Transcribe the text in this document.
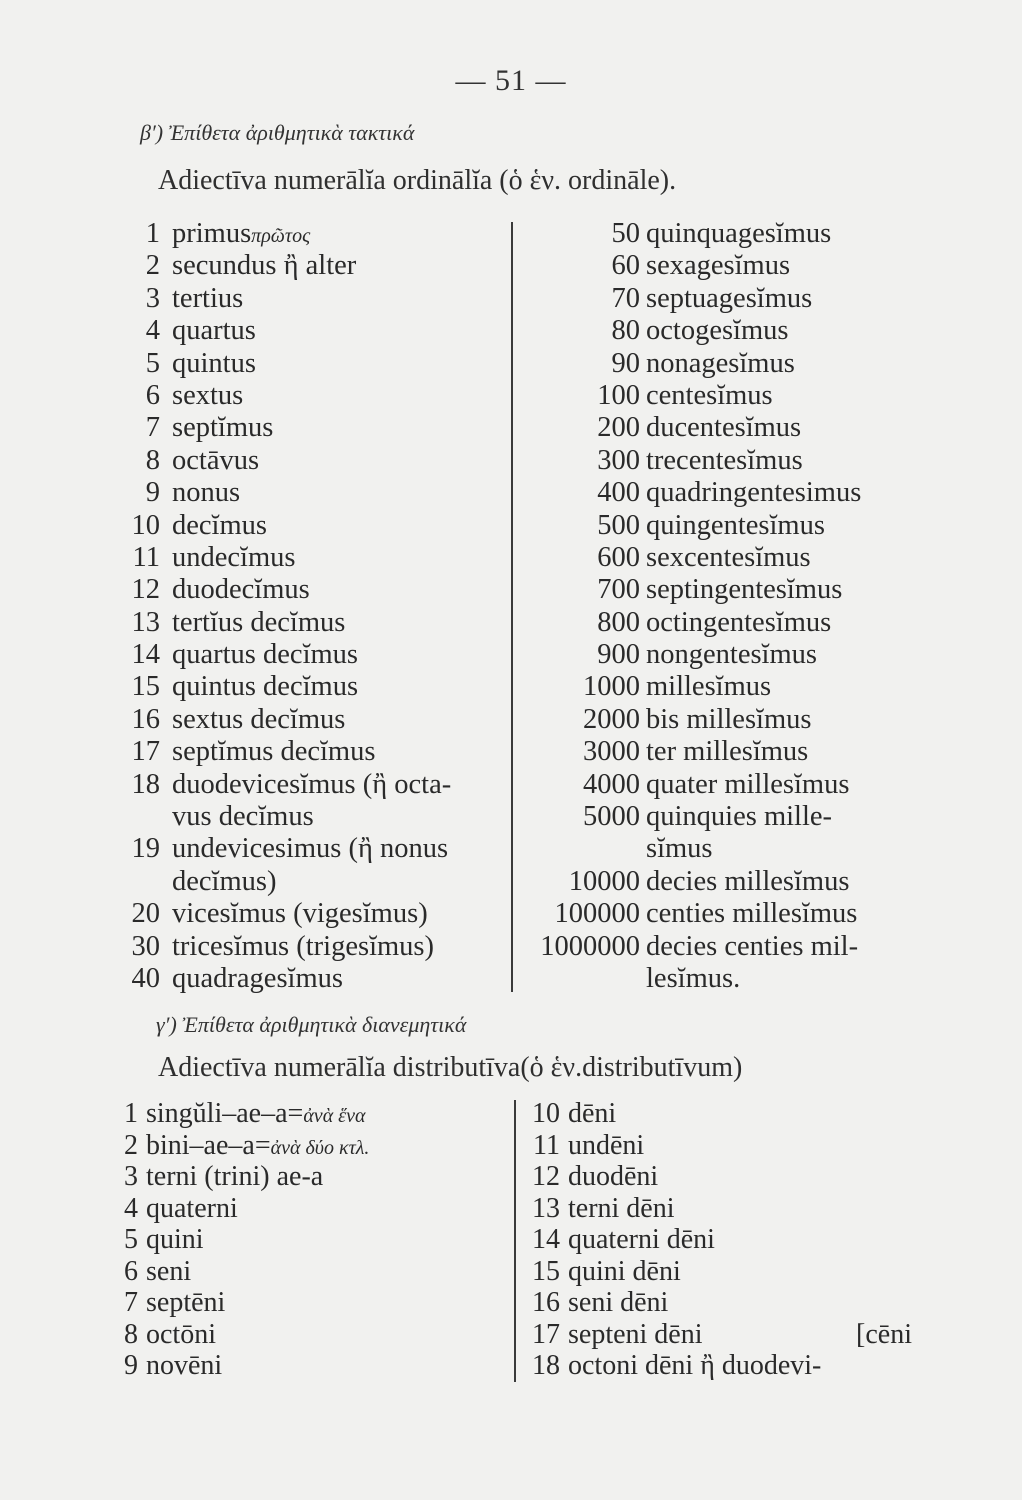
— 51 —
β′) Ἐπίθετα ἀριθμητικὰ τακτικά
Adiectīva numerālĭa ordinālĭa (ὁ ἑν. ordināle).
1 primus πρῶτος
2 secundus ἢ alter
3 tertius
4 quartus
5 quintus
6 sextus
7 septĭmus
8 octāvus
9 nonus
10 decĭmus
11 undecĭmus
12 duodecĭmus
13 tertĭus decĭmus
14 quartus decĭmus
15 quintus decĭmus
16 sextus decĭmus
17 septĭmus decĭmus
18 duodevicesĭmus (ἢ octa-
vus decĭmus
19 undevicesimus (ἢ nonus
decĭmus)
20 vicesĭmus (vigesĭmus)
30 tricesĭmus (trigesĭmus)
40 quadragesĭmus
50 quinquagesĭmus
60 sexagesĭmus
70 septuagesĭmus
80 octogesĭmus
90 nonagesĭmus
100 centesĭmus
200 ducentesĭmus
300 trecentesĭmus
400 quadringentesimus
500 quingentesĭmus
600 sexcentesĭmus
700 septingentesĭmus
800 octingentesĭmus
900 nongentesĭmus
1000 millesĭmus
2000 bis millesĭmus
3000 ter millesĭmus
4000 quater millesĭmus
5000 quinquies mille-
sĭmus
10000 decies millesĭmus
100000 centies millesĭmus
1000000 decies centies mil-
lesĭmus.
γ′) Ἐπίθετα ἀριθμητικὰ διανεμητικά
Adiectīva numerālĭa distributīva(ὁ ἑν.distributīvum)
1 singŭli–ae–a= ἀνὰ ἕνα
2 bini–ae–a= ἀνὰ δύο κτλ.
3 terni (trini) ae-a
4 quaterni
5 quini
6 seni
7 septēni
8 octōni
9 novēni
10 dēni
11 undēni
12 duodēni
13 terni dēni
14 quaterni dēni
15 quini dēni
16 seni dēni
17 septeni dēni	[cēni
18 octoni dēni ἢ duodevi-
